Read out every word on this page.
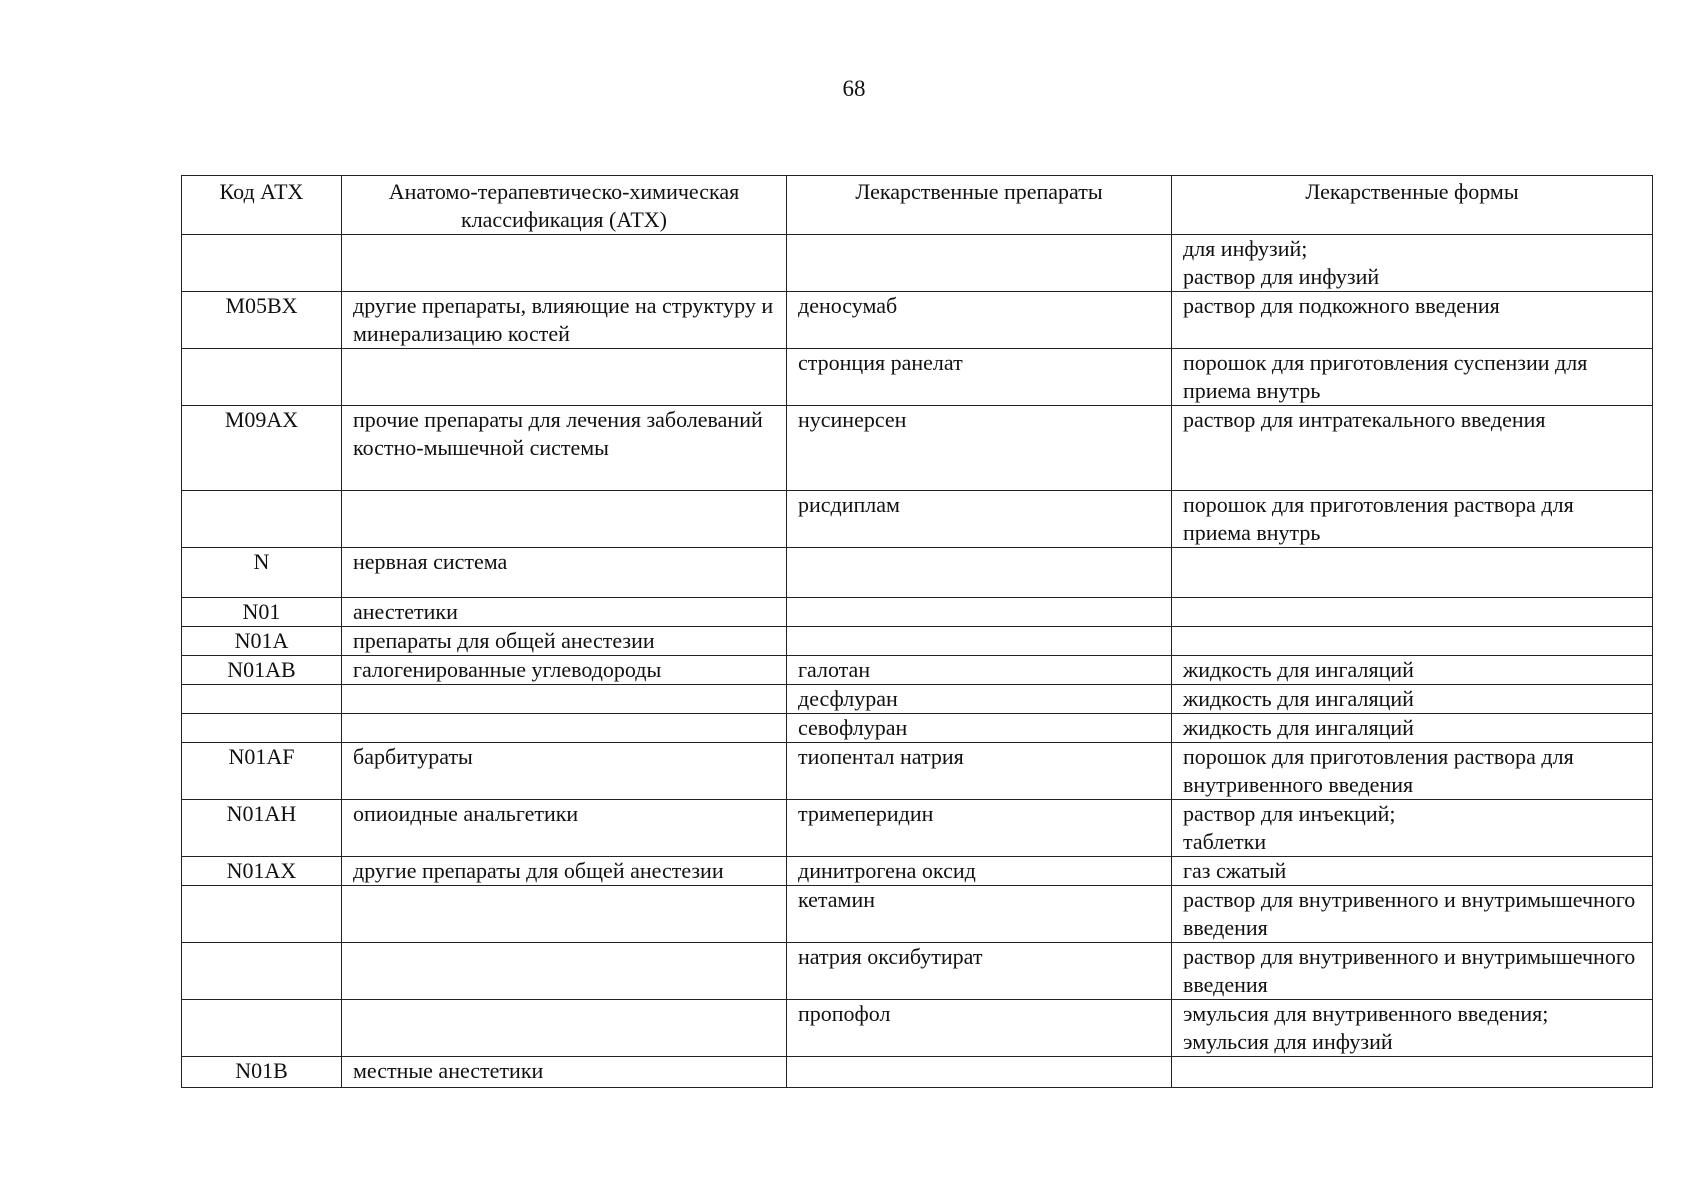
68
Код АТХ	Анатомо-терапевтическо-химическая классификация (АТХ)	Лекарственные препараты	Лекарственные формы
			для инфузий;
раствор для инфузий
M05BX	другие препараты, влияющие на структуру и минерализацию костей	деносумаб	раствор для подкожного введения
		стронция ранелат	порошок для приготовления суспензии для приема внутрь
M09AX	прочие препараты для лечения заболеваний костно-мышечной системы	нусинерсен	раствор для интратекального введения
		рисдиплам	порошок для приготовления раствора для приема внутрь
N	нервная система		
N01	анестетики		
N01A	препараты для общей анестезии		
N01AB	галогенированные углеводороды	галотан	жидкость для ингаляций
		десфлуран	жидкость для ингаляций
		севофлуран	жидкость для ингаляций
N01AF	барбитураты	тиопентал натрия	порошок для приготовления раствора для внутривенного введения
N01AH	опиоидные анальгетики	тримеперидин	раствор для инъекций;
таблетки
N01AX	другие препараты для общей анестезии	динитрогена оксид	газ сжатый
		кетамин	раствор для внутривенного и внутримышечного введения
		натрия оксибутират	раствор для внутривенного и внутримышечного введения
		пропофол	эмульсия для внутривенного введения;
эмульсия для инфузий
N01B	местные анестетики		
